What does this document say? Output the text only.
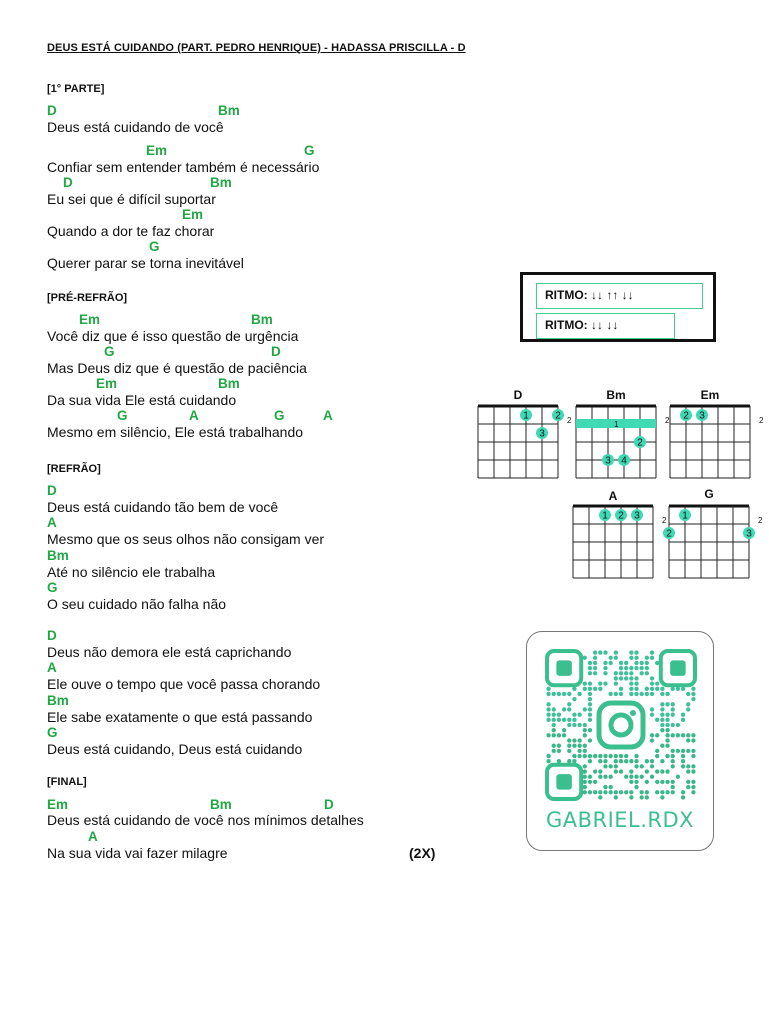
DEUS ESTÁ CUIDANDO (PART. PEDRO HENRIQUE) - HADASSA PRISCILLA - D
[1° PARTE]
[PRÉ-REFRÃO]
[REFRÃO]
[FINAL]
D	Bm
Deus está cuidando de você
Em	G
Confiar sem entender também é necessário
D	Bm
Eu sei que é difícil suportar
Em
Quando a dor te faz chorar
G
Querer parar se torna inevitável
Em	Bm
Você diz que é isso questão de urgência
G	D
Mas Deus diz que é questão de paciência
Em	Bm
Da sua vida Ele está cuidando
G	A	G	A
Mesmo em silêncio, Ele está trabalhando
D
Deus está cuidando tão bem de você
A
Mesmo que os seus olhos não consigam ver
Bm
Até no silêncio ele trabalha
G
O seu cuidado não falha não
D
Deus não demora ele está caprichando
A
Ele ouve o tempo que você passa chorando
Bm
Ele sabe exatamente o que está passando
G
Deus está cuidando, Deus está cuidando
Em	Bm	D
Deus está cuidando de você nos mínimos detalhes
A
Na sua vida vai fazer milagre	(2X)
RITMO: ↓↓ ↑↑ ↓↓
RITMO: ↓↓ ↓↓
D
2
1	2
3
Bm
2
1
2
3 4
Em
2
2 3
A
2
1 2 3
G
2
1
2	3
GABRIEL.RDX
